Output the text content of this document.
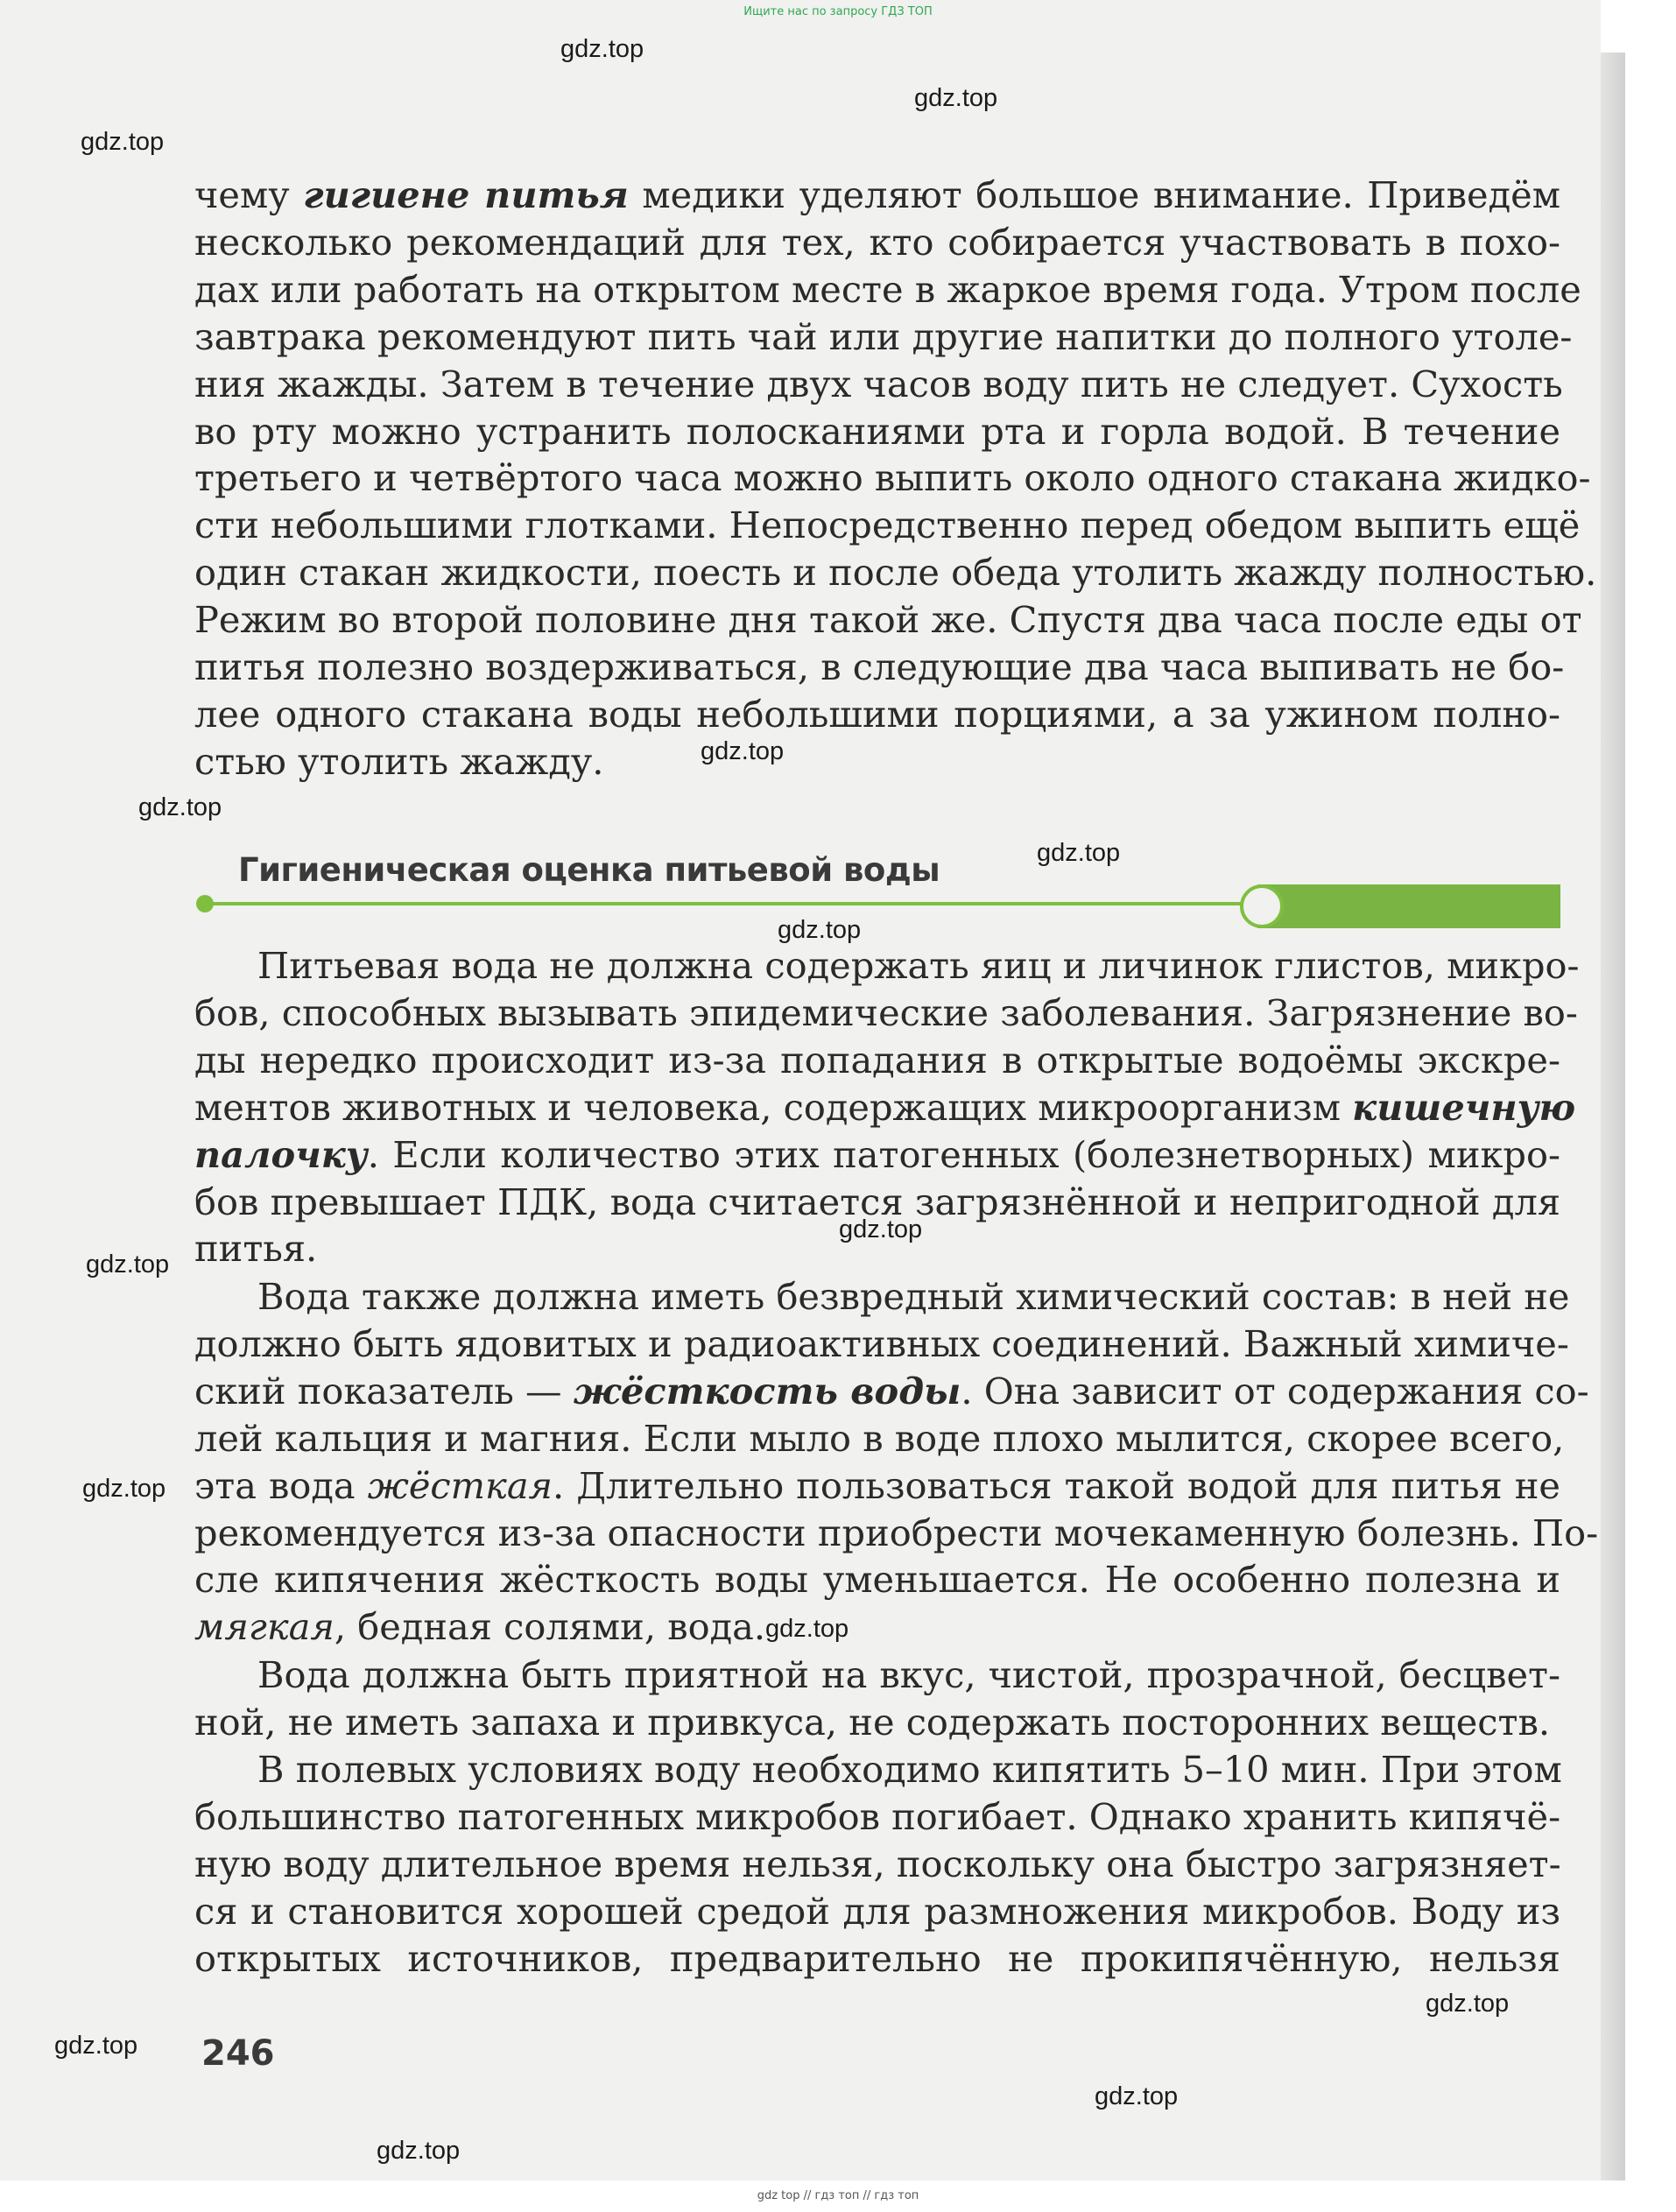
Ищите нас по запросу ГДЗ ТОП
чему гигиене питья медики уделяют большое внимание. Приведём
несколько рекомендаций для тех, кто собирается участвовать в похо-
дах или работать на открытом месте в жаркое время года. Утром после
завтрака рекомендуют пить чай или другие напитки до полного утоле-
ния жажды. Затем в течение двух часов воду пить не следует. Сухость
во рту можно устранить полосканиями рта и горла водой. В течение
третьего и четвёртого часа можно выпить около одного стакана жидко-
сти небольшими глотками. Непосредственно перед обедом выпить ещё
один стакан жидкости, поесть и после обеда утолить жажду полностью.
Режим во второй половине дня такой же. Спустя два часа после еды от
питья полезно воздерживаться, в следующие два часа выпивать не бо-
лее одного стакана воды небольшими порциями, а за ужином полно-
стью утолить жажду.
Гигиеническая оценка питьевой воды
Питьевая вода не должна содержать яиц и личинок глистов, микро-
бов, способных вызывать эпидемические заболевания. Загрязнение во-
ды нередко происходит из-за попадания в открытые водоёмы экскре-
ментов животных и человека, содержащих микроорганизм кишечную
палочку. Если количество этих патогенных (болезнетворных) микро-
бов превышает ПДК, вода считается загрязнённой и непригодной для
питья.
Вода также должна иметь безвредный химический состав: в ней не
должно быть ядовитых и радиоактивных соединений. Важный химиче-
ский показатель — жёсткость воды. Она зависит от содержания со-
лей кальция и магния. Если мыло в воде плохо мылится, скорее всего,
эта вода жёсткая. Длительно пользоваться такой водой для питья не
рекомендуется из-за опасности приобрести мочекаменную болезнь. По-
сле кипячения жёсткость воды уменьшается. Не особенно полезна и
мягкая, бедная солями, вода.
Вода должна быть приятной на вкус, чистой, прозрачной, бесцвет-
ной, не иметь запаха и привкуса, не содержать посторонних веществ.
В полевых условиях воду необходимо кипятить 5–10 мин. При этом
большинство патогенных микробов погибает. Однако хранить кипячё-
ную воду длительное время нельзя, поскольку она быстро загрязняет-
ся и становится хорошей средой для размножения микробов. Воду из
открытых источников, предварительно не прокипячённую, нельзя
246
gdz.top
gdz.top
gdz.top
gdz.top
gdz.top
gdz.top
gdz.top
gdz.top
gdz.top
gdz.top
gdz.top
gdz.top
gdz.top
gdz.top
gdz.top
gdz top // гдз топ // гдз топ
